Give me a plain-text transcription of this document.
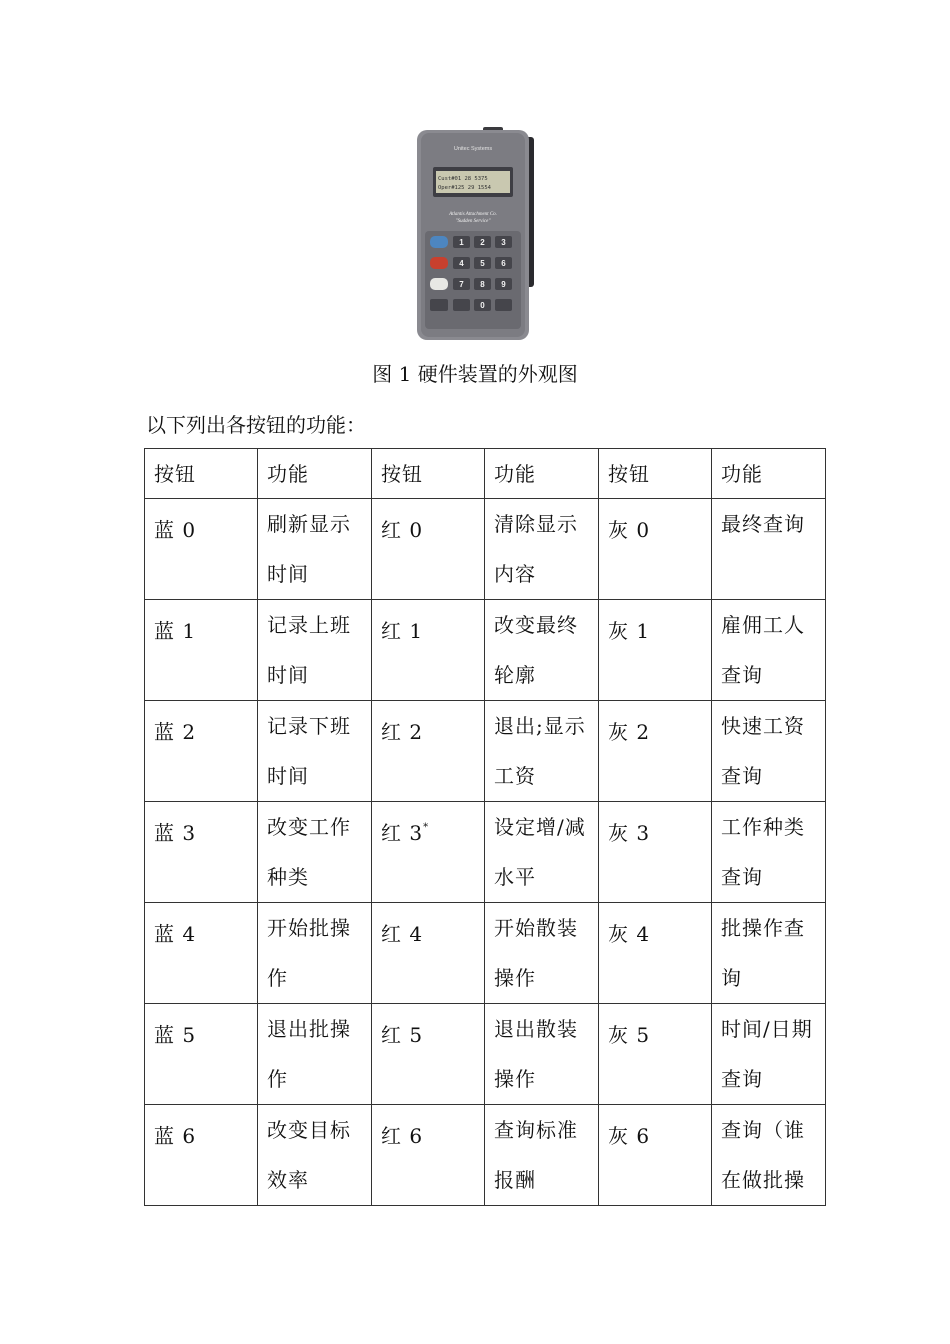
Unitec Systems
Cust#01 28 5375
Oper#125 29 1554
Atlantis Attachment Co.
"Sudden Service"
1 2 3
4 5 6
7 8 9
0
图 1 硬件装置的外观图
以下列出各按钮的功能：
按钮	功能	按钮	功能	按钮	功能
蓝 0	刷新显示时间	红 0	清除显示内容	灰 0	最终查询

蓝 1	记录上班时间	红 1	改变最终轮廓	灰 1	雇佣工人查询

蓝 2	记录下班时间	红 2	退出;显示工资	灰 2	快速工资查询

蓝 3	改变工作种类	红 3*	设定增/减水平	灰 3	工作种类查询

蓝 4	开始批操作	红 4	开始散装操作	灰 4	批操作查询

蓝 5	退出批操作	红 5	退出散装操作	灰 5	时间/日期查询

蓝 6	改变目标效率	红 6	查询标准报酬	灰 6	查询（谁在做批操
